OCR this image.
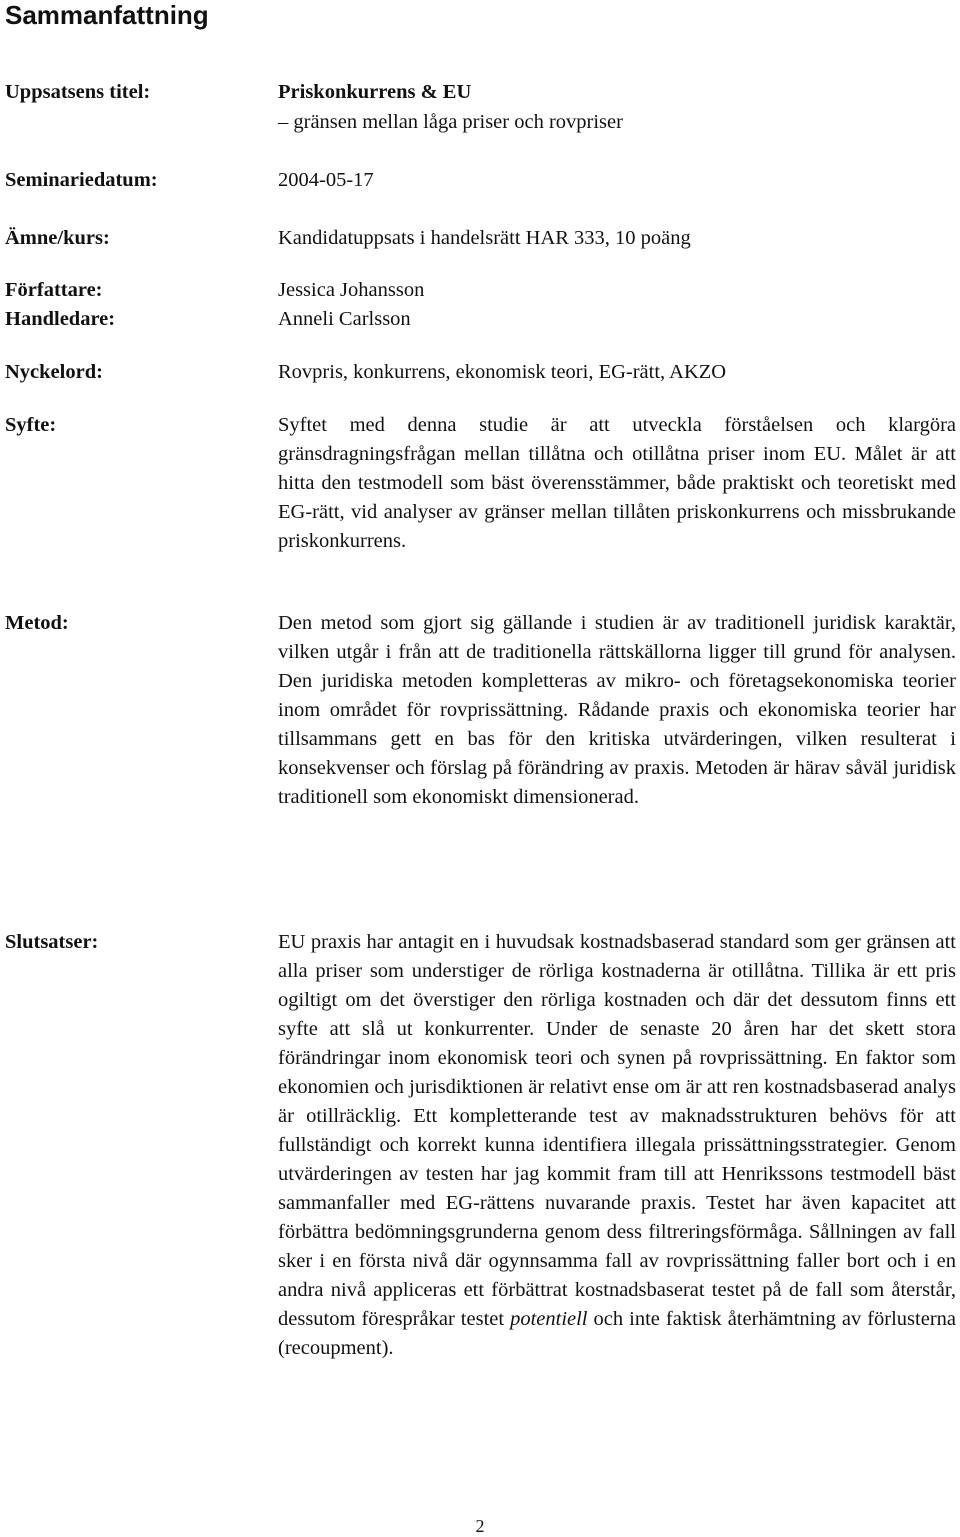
Sammanfattning

Uppsatsens titel:	Priskonkurrens & EU

– gränsen mellan låga priser och rovpriser

Seminariedatum:	2004-05-17

Ämne/kurs:	Kandidatuppsats i handelsrätt HAR 333, 10 poäng

Författare:	Jessica Johansson

Handledare:	Anneli Carlsson

Nyckelord:	Rovpris, konkurrens, ekonomisk teori, EG-rätt, AKZO

Syfte:	Syftet med denna studie är att utveckla förståelsen och klargöra gränsdragningsfrågan mellan tillåtna och otillåtna priser inom EU. Målet är att hitta den testmodell som bäst överensstämmer, både praktiskt och teoretiskt med EG-rätt, vid analyser av gränser mellan tillåten priskonkurrens och missbrukande priskonkurrens.

Metod:	Den metod som gjort sig gällande i studien är av traditionell juridisk karaktär, vilken utgår i från att de traditionella rättskällorna ligger till grund för analysen. Den juridiska metoden kompletteras av mikro- och företagsekonomiska teorier inom området för rovprissättning. Rådande praxis och ekonomiska teorier har tillsammans gett en bas för den kritiska utvärderingen, vilken resulterat i konsekvenser och förslag på förändring av praxis. Metoden är härav såväl juridisk traditionell som ekonomiskt dimensionerad.

Slutsatser:	EU praxis har antagit en i huvudsak kostnadsbaserad standard som ger gränsen att alla priser som understiger de rörliga kostnaderna är otillåtna. Tillika är ett pris ogiltigt om det överstiger den rörliga kostnaden och där det dessutom finns ett syfte att slå ut konkurrenter. Under de senaste 20 åren har det skett stora förändringar inom ekonomisk teori och synen på rovprissättning. En faktor som ekonomien och jurisdiktionen är relativt ense om är att ren kostnadsbaserad analys är otillräcklig. Ett kompletterande test av maknadsstrukturen behövs för att fullständigt och korrekt kunna identifiera illegala prissättningsstrategier. Genom utvärderingen av testen har jag kommit fram till att Henrikssons testmodell bäst sammanfaller med EG-rättens nuvarande praxis. Testet har även kapacitet att förbättra bedömningsgrunderna genom dess filtreringsförmåga. Sållningen av fall sker i en första nivå där ogynnsamma fall av rovprissättning faller bort och i en andra nivå appliceras ett förbättrat kostnadsbaserat testet på de fall som återstår, dessutom förespråkar testet potentiell och inte faktisk återhämtning av förlusterna (recoupment).

2
